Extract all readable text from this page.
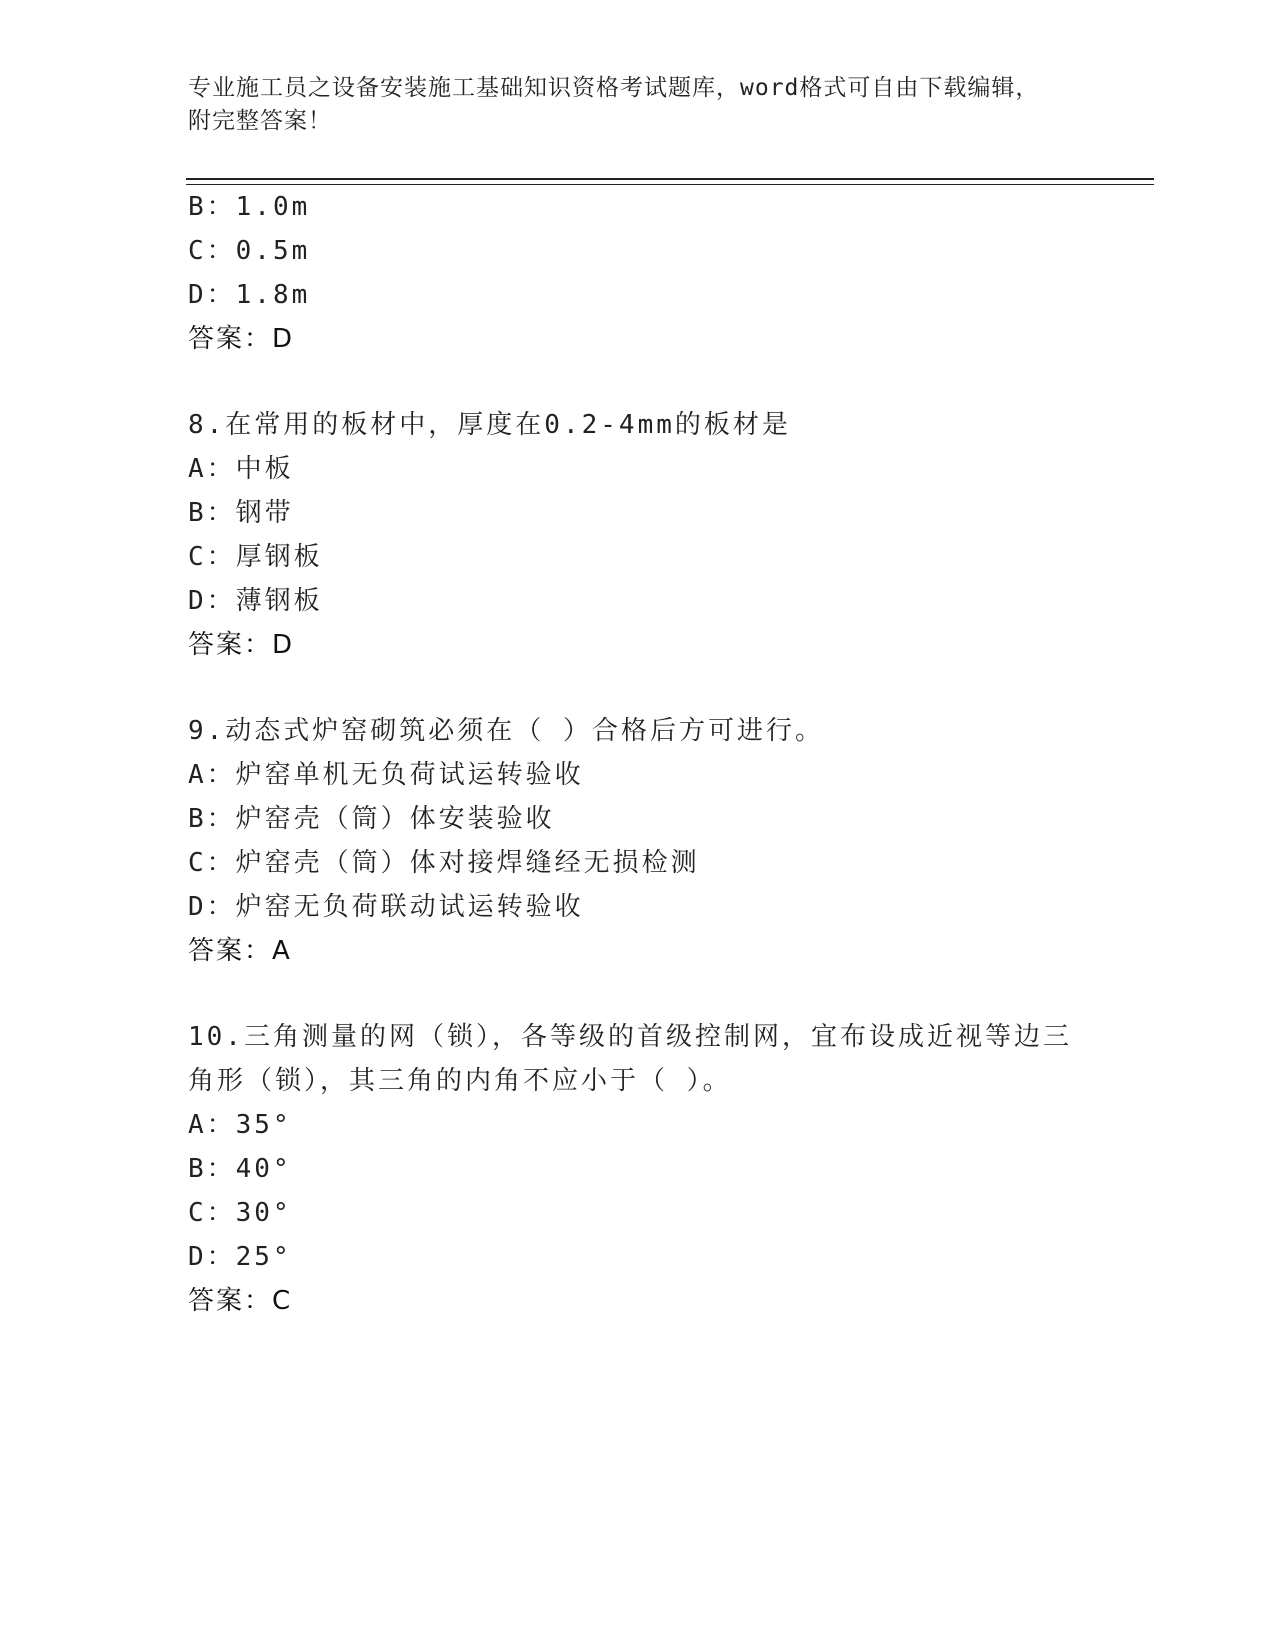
专业施工员之设备安装施工基础知识资格考试题库，word格式可自由下载编辑，
附完整答案！
B：1.0m
C：0.5m
D：1.8m
答案：D
8.在常用的板材中，厚度在0.2-4mm的板材是
A：中板
B：钢带
C：厚钢板
D：薄钢板
答案：D
9.动态式炉窑砌筑必须在（ ）合格后方可进行。
A：炉窑单机无负荷试运转验收
B：炉窑壳（筒）体安装验收
C：炉窑壳（筒）体对接焊缝经无损检测
D：炉窑无负荷联动试运转验收
答案：A
10.三角测量的网（锁），各等级的首级控制网，宜布设成近视等边三
角形（锁），其三角的内角不应小于（ ）。
A：35°
B：40°
C：30°
D：25°
答案：C
